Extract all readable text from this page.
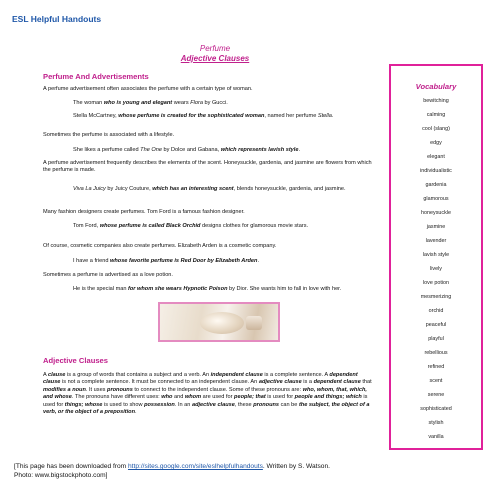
ESL Helpful Handouts
Perfume
Adjective Clauses
Perfume And Advertisements
A perfume advertisement often associates the perfume with a certain type of woman.
The woman who is young and elegant wears Flora by Gucci.
Stella McCartney, whose perfume is created for the sophisticated woman, named her perfume Stella.
Sometimes the perfume is associated with a lifestyle.
She likes a perfume called The One by Dolce and Gabana, which represents lavish style.
A perfume advertisement frequently describes the elements of the scent. Honeysuckle, gardenia, and jasmine are flowers from which the perfume is made.
Viva La Juicy by Juicy Couture, which has an interesting scent, blends honeysuckle, gardenia, and jasmine.
Many fashion designers create perfumes. Tom Ford is a famous fashion designer.
Tom Ford, whose perfume is called Black Orchid designs clothes for glamorous movie stars.
Of course, cosmetic companies also create perfumes. Elizabeth Arden is a cosmetic company.
I have a friend whose favorite perfume is Red Door by Elizabeth Arden.
Sometimes a perfume is advertised as a love potion.
He is the special man for whom she wears Hypnotic Poison by Dior. She wants him to fall in love with her.
Adjective Clauses
A clause is a group of words that contains a subject and a verb. An independent clause is a complete sentence. A dependent clause is not a complete sentence. It must be connected to an independent clause. An adjective clause is a dependent clause that modifies a noun. It uses pronouns to connect to the independent clause. Some of these pronouns are: who, whom, that, which, and whose. The pronouns have different uses: who and whom are used for people; that is used for people and things; which is used for things; whose is used to show possession. In an adjective clause, these pronouns can be the subject, the object of a verb, or the object of a preposition.
Vocabulary
bewitching
calming
cool (slang)
edgy
elegant
individualistic
gardenia
glamorous
honeysuckle
jasmine
lavender
lavish style
lively
love potion
mesmerizing
orchid
peaceful
playful
rebellious
refined
scent
serene
sophisticated
stylish
vanilla
[This page has been downloaded from http://sites.google.com/site/eslhelpfulhandouts. Written by S. Watson.
Photo: www.bigstockphoto.com]
